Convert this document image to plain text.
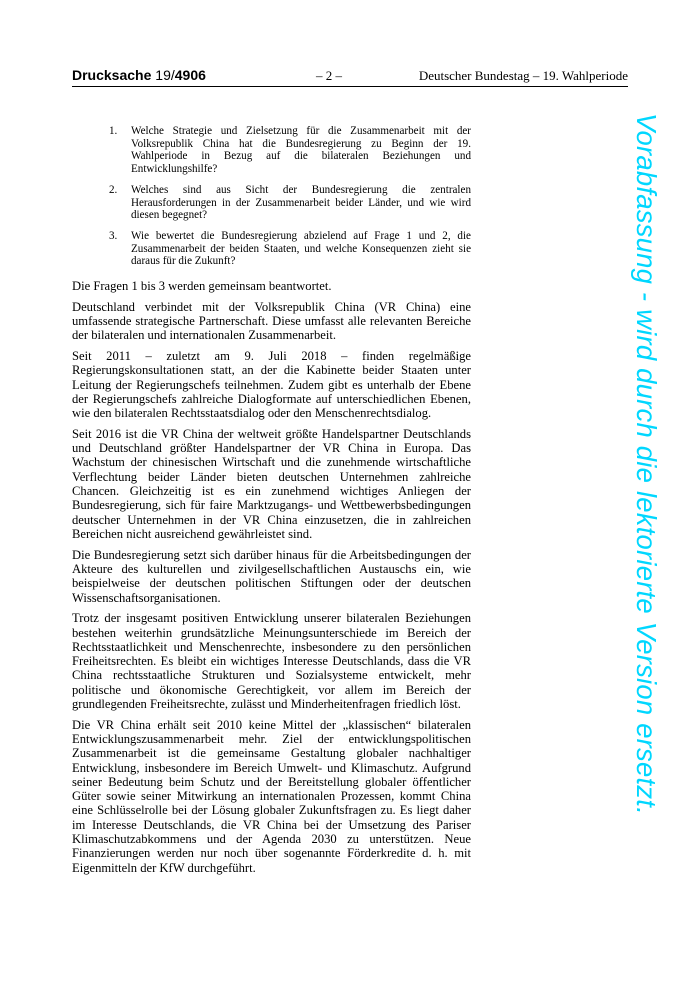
Drucksache 19/4906	– 2 –	Deutscher Bundestag – 19. Wahlperiode
1. Welche Strategie und Zielsetzung für die Zusammenarbeit mit der Volksrepublik China hat die Bundesregierung zu Beginn der 19. Wahlperiode in Bezug auf die bilateralen Beziehungen und Entwicklungshilfe?
2. Welches sind aus Sicht der Bundesregierung die zentralen Herausforderungen in der Zusammenarbeit beider Länder, und wie wird diesen begegnet?
3. Wie bewertet die Bundesregierung abzielend auf Frage 1 und 2, die Zusammenarbeit der beiden Staaten, und welche Konsequenzen zieht sie daraus für die Zukunft?

Die Fragen 1 bis 3 werden gemeinsam beantwortet.

Deutschland verbindet mit der Volksrepublik China (VR China) eine umfassende strategische Partnerschaft. Diese umfasst alle relevanten Bereiche der bilateralen und internationalen Zusammenarbeit.

Seit 2011 – zuletzt am 9. Juli 2018 – finden regelmäßige Regierungskonsultationen statt, an der die Kabinette beider Staaten unter Leitung der Regierungschefs teilnehmen. Zudem gibt es unterhalb der Ebene der Regierungschefs zahlreiche Dialogformate auf unterschiedlichen Ebenen, wie den bilateralen Rechtsstaatsdialog oder den Menschenrechtsdialog.

Seit 2016 ist die VR China der weltweit größte Handelspartner Deutschlands und Deutschland größter Handelspartner der VR China in Europa. Das Wachstum der chinesischen Wirtschaft und die zunehmende wirtschaftliche Verflechtung beider Länder bieten deutschen Unternehmen zahlreiche Chancen. Gleichzeitig ist es ein zunehmend wichtiges Anliegen der Bundesregierung, sich für faire Marktzugangs- und Wettbewerbsbedingungen deutscher Unternehmen in der VR China einzusetzen, die in zahlreichen Bereichen nicht ausreichend gewährleistet sind.

Die Bundesregierung setzt sich darüber hinaus für die Arbeitsbedingungen der Akteure des kulturellen und zivilgesellschaftlichen Austauschs ein, wie beispielweise der deutschen politischen Stiftungen oder der deutschen Wissenschaftsorganisationen.

Trotz der insgesamt positiven Entwicklung unserer bilateralen Beziehungen bestehen weiterhin grundsätzliche Meinungsunterschiede im Bereich der Rechtsstaatlichkeit und Menschenrechte, insbesondere zu den persönlichen Freiheitsrechten. Es bleibt ein wichtiges Interesse Deutschlands, dass die VR China rechtsstaatliche Strukturen und Sozialsysteme entwickelt, mehr politische und ökonomische Gerechtigkeit, vor allem im Bereich der grundlegenden Freiheitsrechte, zulässt und Minderheitenfragen friedlich löst.

Die VR China erhält seit 2010 keine Mittel der „klassischen“ bilateralen Entwicklungszusammenarbeit mehr. Ziel der entwicklungspolitischen Zusammenarbeit ist die gemeinsame Gestaltung globaler nachhaltiger Entwicklung, insbesondere im Bereich Umwelt- und Klimaschutz. Aufgrund seiner Bedeutung beim Schutz und der Bereitstellung globaler öffentlicher Güter sowie seiner Mitwirkung an internationalen Prozessen, kommt China eine Schlüsselrolle bei der Lösung globaler Zukunftsfragen zu. Es liegt daher im Interesse Deutschlands, die VR China bei der Umsetzung des Pariser Klimaschutzabkommens und der Agenda 2030 zu unterstützen. Neue Finanzierungen werden nur noch über sogenannte Förderkredite d. h. mit Eigenmitteln der KfW durchgeführt.

Vorabfassung - wird durch die lektorierte Version ersetzt.
